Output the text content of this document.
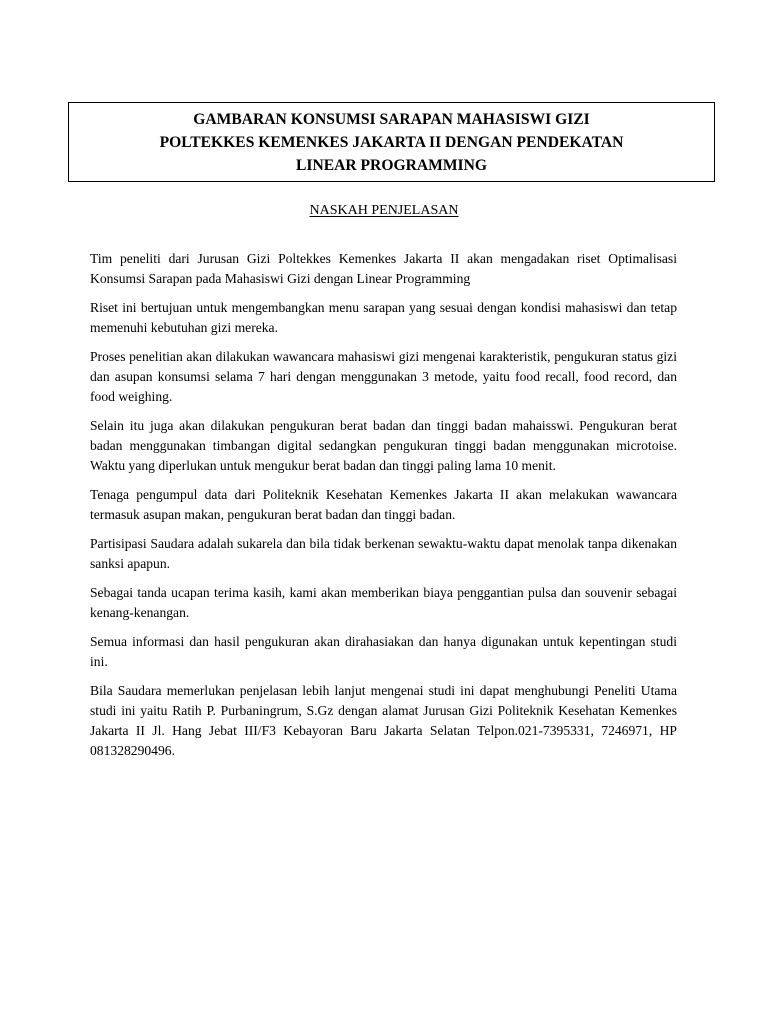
GAMBARAN KONSUMSI SARAPAN MAHASISWI GIZI
POLTEKKES KEMENKES JAKARTA II DENGAN PENDEKATAN
LINEAR PROGRAMMING
NASKAH PENJELASAN

Tim peneliti dari Jurusan Gizi Poltekkes Kemenkes Jakarta II akan mengadakan riset Optimalisasi Konsumsi Sarapan pada Mahasiswi Gizi dengan Linear Programming

Riset ini bertujuan untuk mengembangkan menu sarapan yang sesuai dengan kondisi mahasiswi dan tetap memenuhi kebutuhan gizi mereka.

Proses penelitian akan dilakukan wawancara mahasiswi gizi mengenai karakteristik, pengukuran status gizi dan asupan konsumsi selama 7 hari dengan menggunakan 3 metode, yaitu food recall, food record, dan food weighing.

Selain itu juga akan dilakukan pengukuran berat badan dan tinggi badan mahaisswi. Pengukuran berat badan menggunakan timbangan digital sedangkan pengukuran tinggi badan menggunakan microtoise. Waktu yang diperlukan untuk mengukur berat badan dan tinggi paling lama 10 menit.

Tenaga pengumpul data dari Politeknik Kesehatan Kemenkes Jakarta II akan melakukan wawancara termasuk asupan makan, pengukuran berat badan dan tinggi badan.

Partisipasi Saudara adalah sukarela dan bila tidak berkenan sewaktu-waktu dapat menolak tanpa dikenakan sanksi apapun.

Sebagai tanda ucapan terima kasih, kami akan memberikan biaya penggantian pulsa dan souvenir sebagai kenang-kenangan.

Semua informasi dan hasil pengukuran akan dirahasiakan dan hanya digunakan untuk kepentingan studi ini.

Bila Saudara memerlukan penjelasan lebih lanjut mengenai studi ini dapat menghubungi Peneliti Utama studi ini yaitu Ratih P. Purbaningrum, S.Gz dengan alamat Jurusan Gizi Politeknik Kesehatan Kemenkes Jakarta II Jl. Hang Jebat III/F3 Kebayoran Baru Jakarta Selatan Telpon.021-7395331, 7246971, HP 081328290496.
